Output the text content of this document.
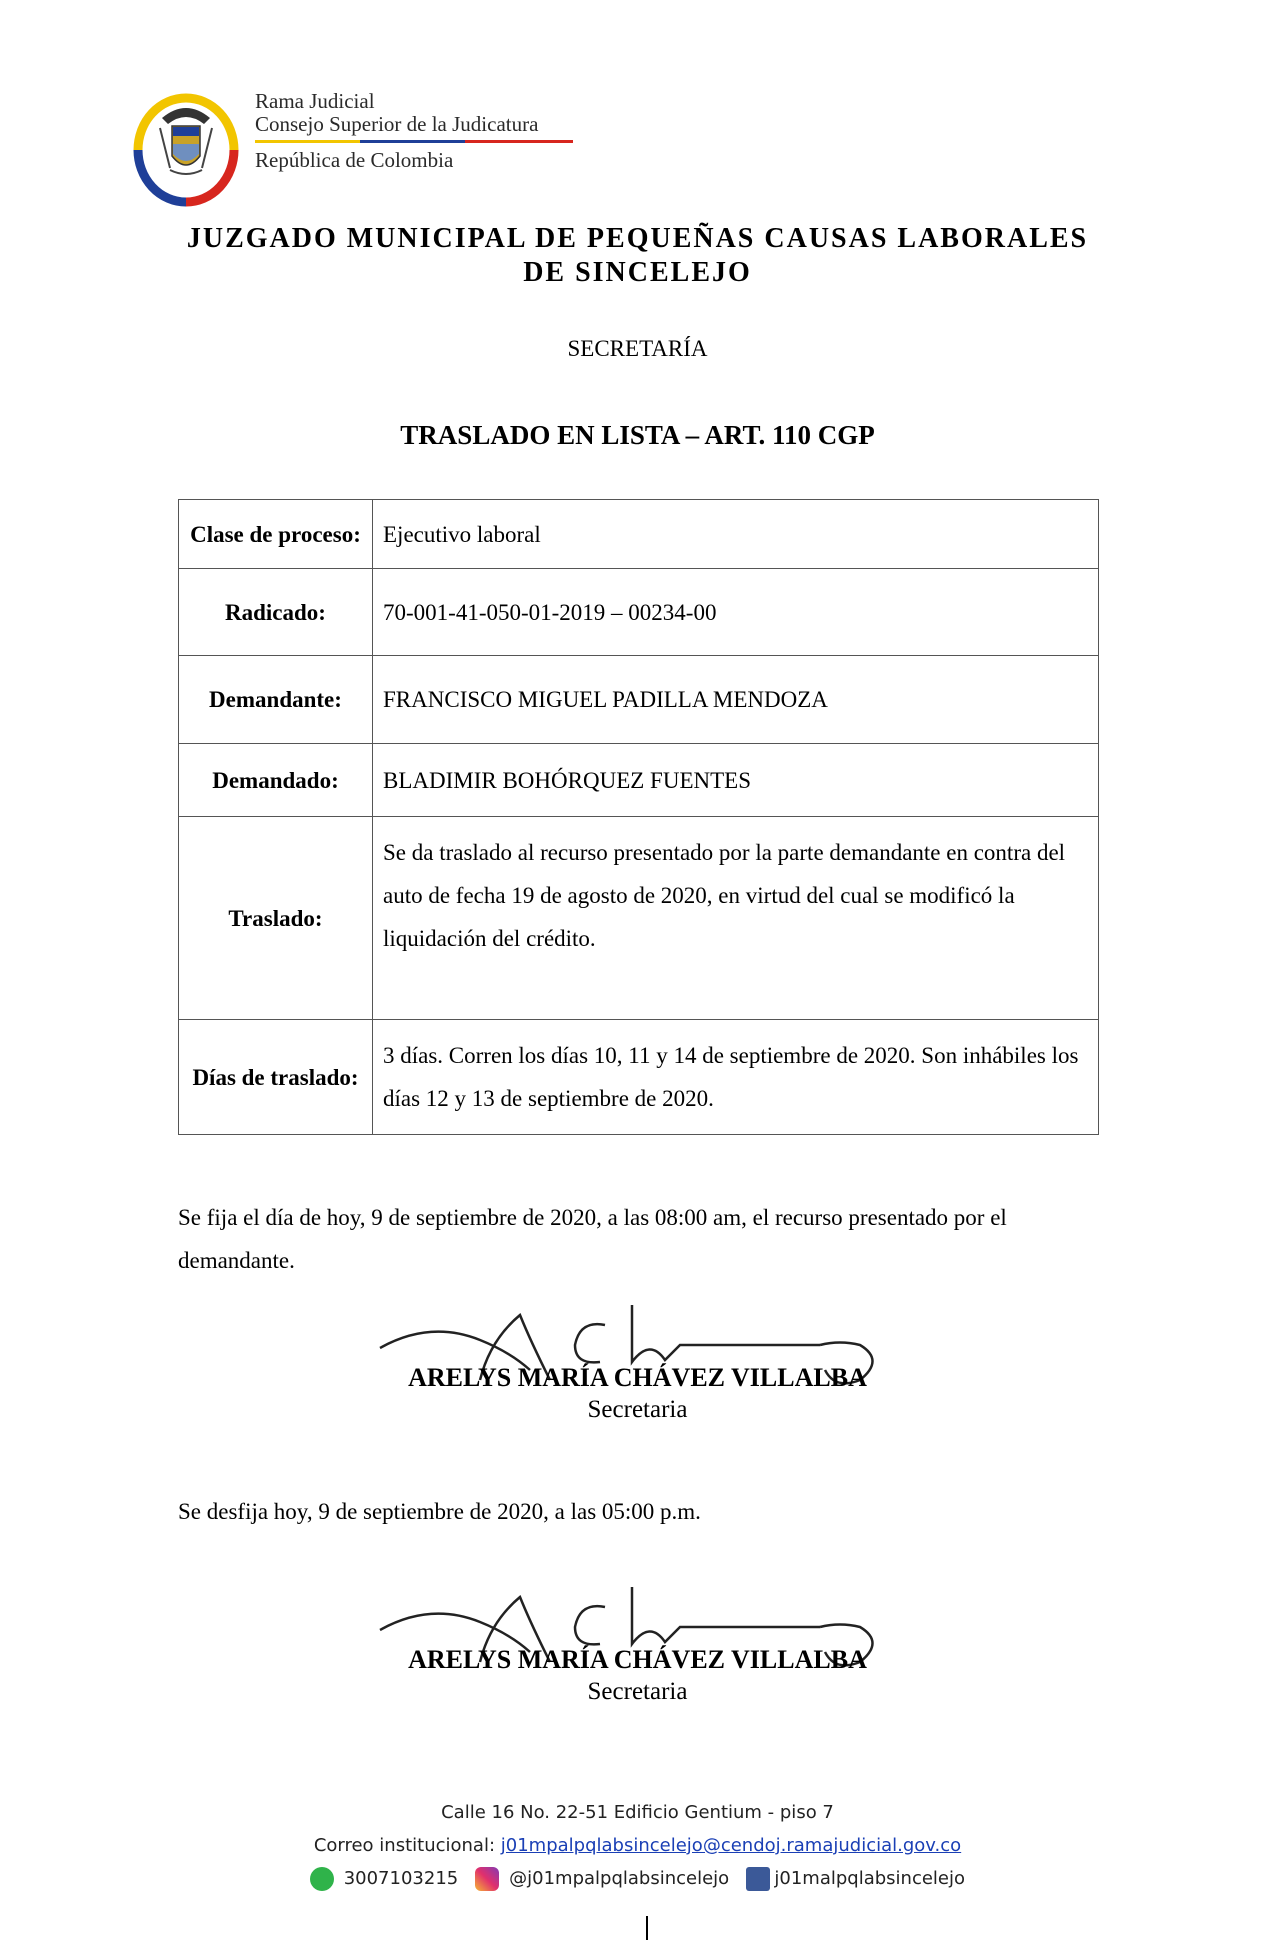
Rama Judicial
Consejo Superior de la Judicatura
República de Colombia
JUZGADO MUNICIPAL DE PEQUEÑAS CAUSAS LABORALES
DE SINCELEJO
SECRETARÍA
TRASLADO EN LISTA – ART. 110 CGP
Clase de proceso:	Ejecutivo laboral
Radicado:	70-001-41-050-01-2019 – 00234-00
Demandante:	FRANCISCO MIGUEL PADILLA MENDOZA
Demandado:	BLADIMIR BOHÓRQUEZ FUENTES
Traslado:	Se da traslado al recurso presentado por la parte demandante en contra del auto de fecha 19 de agosto de 2020, en virtud del cual se modificó la liquidación del crédito.
Días de traslado:	3 días. Corren los días 10, 11 y 14 de septiembre de 2020. Son inhábiles los días 12 y 13 de septiembre de 2020.
Se fija el día de hoy, 9 de septiembre de 2020, a las 08:00 am, el recurso presentado por el demandante.
ARELYS MARÍA CHÁVEZ VILLALBA
Secretaria
Se desfija hoy, 9 de septiembre de 2020, a las 05:00 p.m.
ARELYS MARÍA CHÁVEZ VILLALBA
Secretaria
Calle 16 No. 22-51 Edificio Gentium - piso 7
Correo institucional: j01mpalpqlabsincelejo@cendoj.ramajudicial.gov.co
3007103215	@j01mpalpqlabsincelejo	j01malpqlabsincelejo
